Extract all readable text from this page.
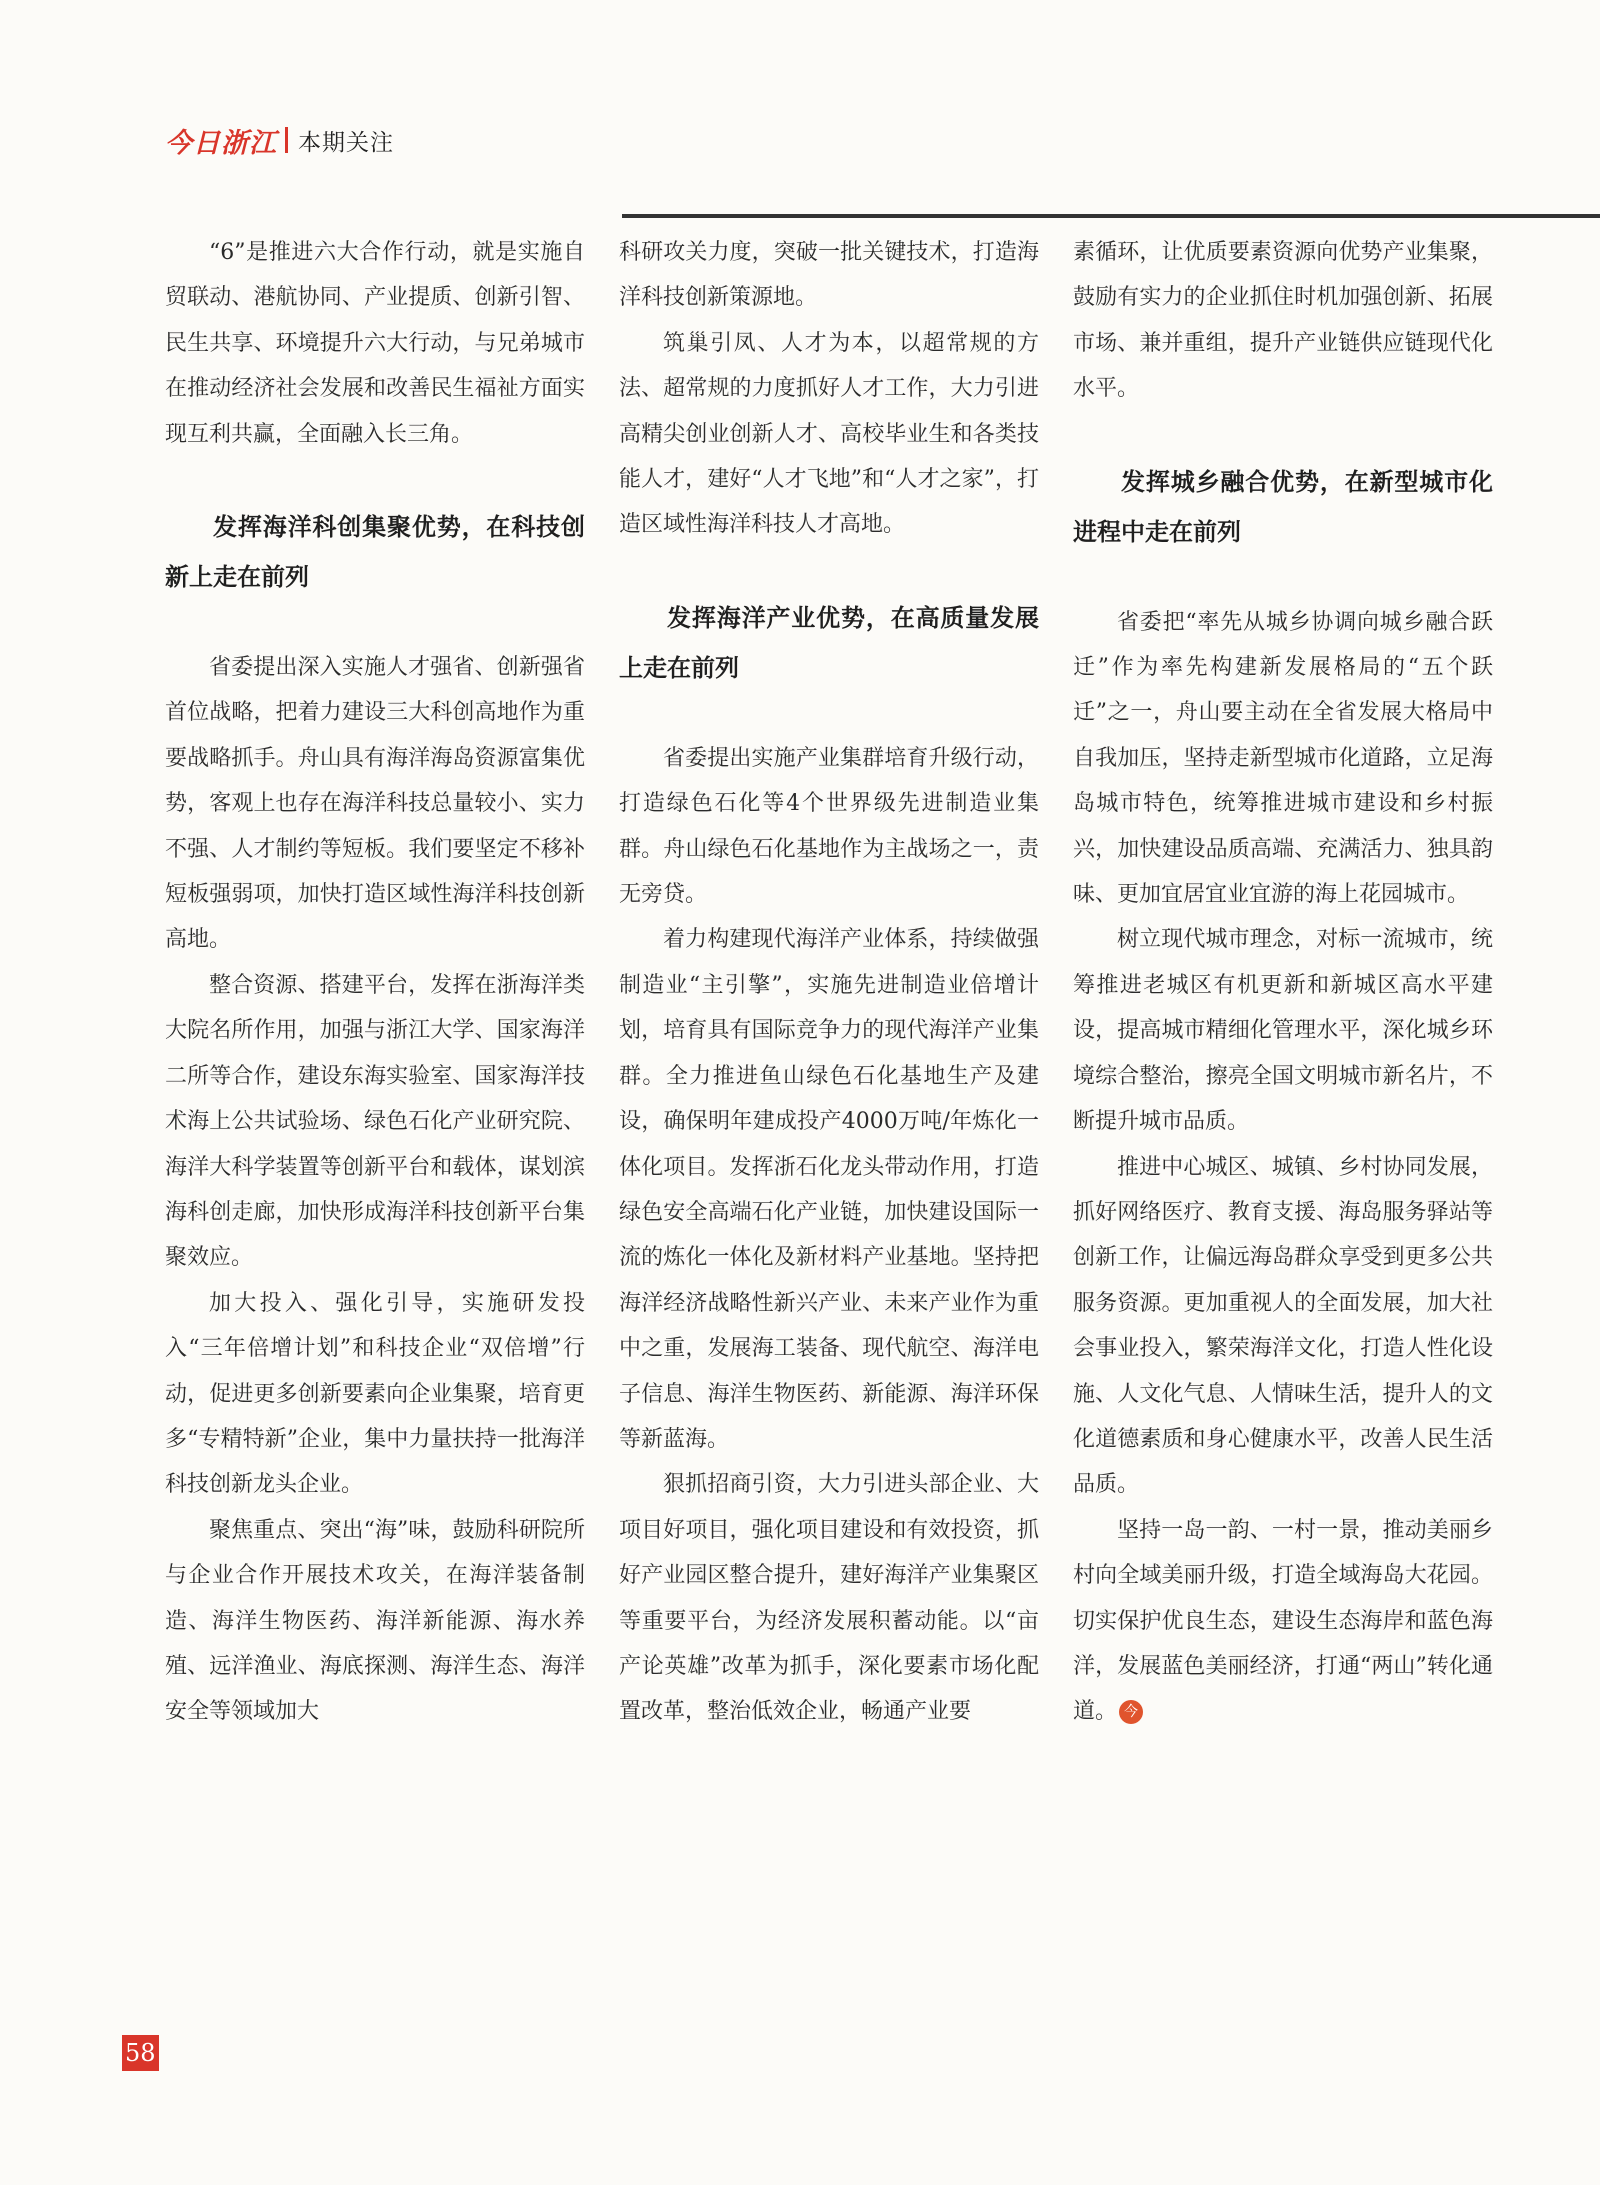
今日浙江 本期关注

“6”是推进六大合作行动，就是实施自贸联动、港航协同、产业提质、创新引智、民生共享、环境提升六大行动，与兄弟城市在推动经济社会发展和改善民生福祉方面实现互利共赢，全面融入长三角。

发挥海洋科创集聚优势，在科技创新上走在前列

省委提出深入实施人才强省、创新强省首位战略，把着力建设三大科创高地作为重要战略抓手。舟山具有海洋海岛资源富集优势，客观上也存在海洋科技总量较小、实力不强、人才制约等短板。我们要坚定不移补短板强弱项，加快打造区域性海洋科技创新高地。

整合资源、搭建平台，发挥在浙海洋类大院名所作用，加强与浙江大学、国家海洋二所等合作，建设东海实验室、国家海洋技术海上公共试验场、绿色石化产业研究院、海洋大科学装置等创新平台和载体，谋划滨海科创走廊，加快形成海洋科技创新平台集聚效应。

加大投入、强化引导，实施研发投入“三年倍增计划”和科技企业“双倍增”行动，促进更多创新要素向企业集聚，培育更多“专精特新”企业，集中力量扶持一批海洋科技创新龙头企业。

聚焦重点、突出“海”味，鼓励科研院所与企业合作开展技术攻关，在海洋装备制造、海洋生物医药、海洋新能源、海水养殖、远洋渔业、海底探测、海洋生态、海洋安全等领域加大

科研攻关力度，突破一批关键技术，打造海洋科技创新策源地。

筑巢引凤、人才为本，以超常规的方法、超常规的力度抓好人才工作，大力引进高精尖创业创新人才、高校毕业生和各类技能人才，建好“人才飞地”和“人才之家”，打造区域性海洋科技人才高地。

发挥海洋产业优势，在高质量发展上走在前列

省委提出实施产业集群培育升级行动，打造绿色石化等4个世界级先进制造业集群。舟山绿色石化基地作为主战场之一，责无旁贷。

着力构建现代海洋产业体系，持续做强制造业“主引擎”，实施先进制造业倍增计划，培育具有国际竞争力的现代海洋产业集群。全力推进鱼山绿色石化基地生产及建设，确保明年建成投产4000万吨/年炼化一体化项目。发挥浙石化龙头带动作用，打造绿色安全高端石化产业链，加快建设国际一流的炼化一体化及新材料产业基地。坚持把海洋经济战略性新兴产业、未来产业作为重中之重，发展海工装备、现代航空、海洋电子信息、海洋生物医药、新能源、海洋环保等新蓝海。

狠抓招商引资，大力引进头部企业、大项目好项目，强化项目建设和有效投资，抓好产业园区整合提升，建好海洋产业集聚区等重要平台，为经济发展积蓄动能。以“亩产论英雄”改革为抓手，深化要素市场化配置改革，整治低效企业，畅通产业要

素循环，让优质要素资源向优势产业集聚，鼓励有实力的企业抓住时机加强创新、拓展市场、兼并重组，提升产业链供应链现代化水平。

发挥城乡融合优势，在新型城市化进程中走在前列

省委把“率先从城乡协调向城乡融合跃迁”作为率先构建新发展格局的“五个跃迁”之一，舟山要主动在全省发展大格局中自我加压，坚持走新型城市化道路，立足海岛城市特色，统筹推进城市建设和乡村振兴，加快建设品质高端、充满活力、独具韵味、更加宜居宜业宜游的海上花园城市。

树立现代城市理念，对标一流城市，统筹推进老城区有机更新和新城区高水平建设，提高城市精细化管理水平，深化城乡环境综合整治，擦亮全国文明城市新名片，不断提升城市品质。

推进中心城区、城镇、乡村协同发展，抓好网络医疗、教育支援、海岛服务驿站等创新工作，让偏远海岛群众享受到更多公共服务资源。更加重视人的全面发展，加大社会事业投入，繁荣海洋文化，打造人性化设施、人文化气息、人情味生活，提升人的文化道德素质和身心健康水平，改善人民生活品质。

坚持一岛一韵、一村一景，推动美丽乡村向全域美丽升级，打造全域海岛大花园。切实保护优良生态，建设生态海岸和蓝色海洋，发展蓝色美丽经济，打通“两山”转化通道。 今

58
